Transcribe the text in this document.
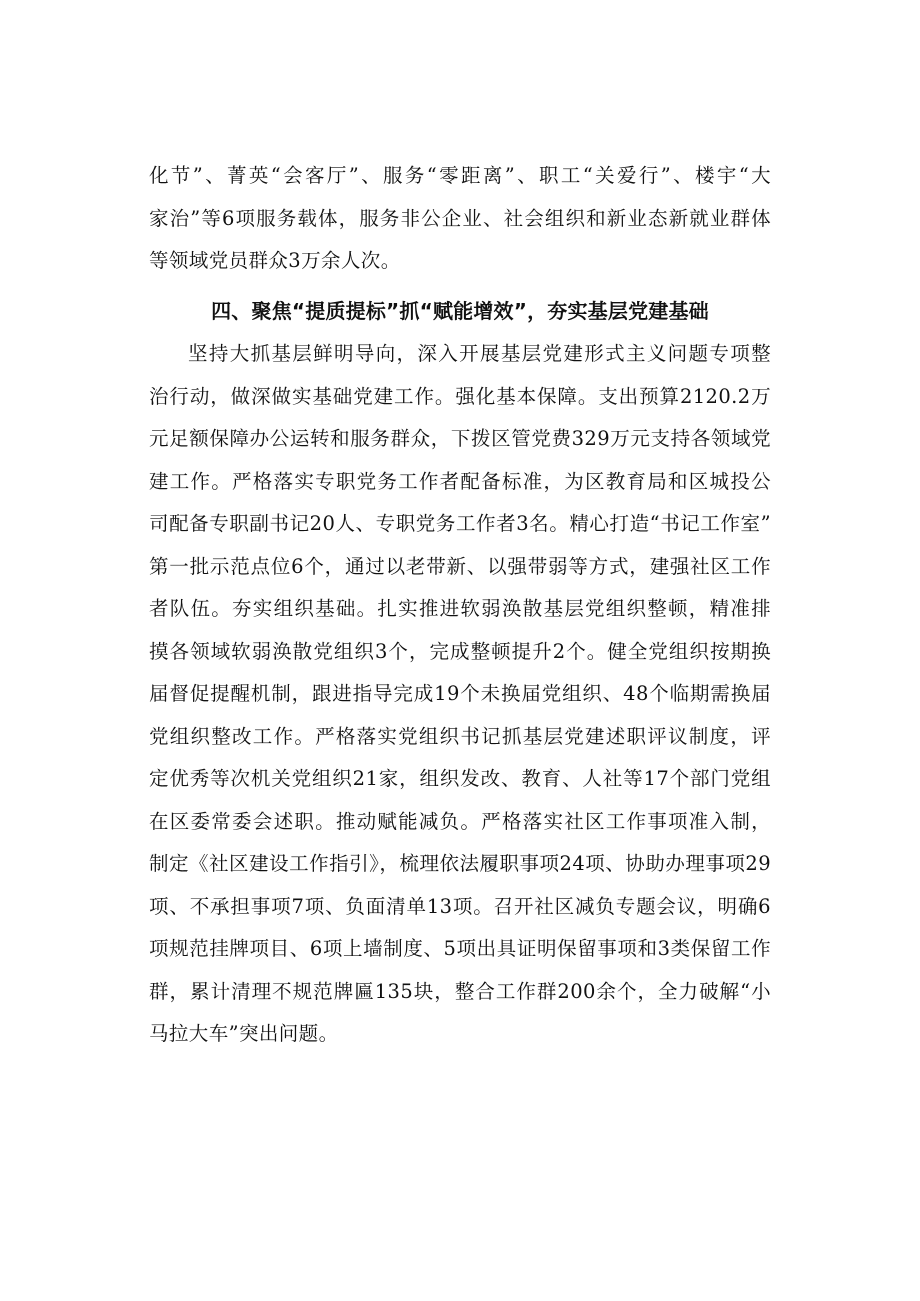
化节”、菁英“会客厅”、服务“零距离”、职工“关爱行”、楼宇“大
家治”等6项服务载体，服务非公企业、社会组织和新业态新就业群体
等领域党员群众3万余人次。
四、聚焦“提质提标”抓“赋能增效”，夯实基层党建基础
坚持大抓基层鲜明导向，深入开展基层党建形式主义问题专项整
治行动，做深做实基础党建工作。强化基本保障。支出预算2120.2万
元足额保障办公运转和服务群众，下拨区管党费329万元支持各领域党
建工作。严格落实专职党务工作者配备标准，为区教育局和区城投公
司配备专职副书记20人、专职党务工作者3名。精心打造“书记工作室”
第一批示范点位6个，通过以老带新、以强带弱等方式，建强社区工作
者队伍。夯实组织基础。扎实推进软弱涣散基层党组织整顿，精准排
摸各领域软弱涣散党组织3个，完成整顿提升2个。健全党组织按期换
届督促提醒机制，跟进指导完成19个未换届党组织、48个临期需换届
党组织整改工作。严格落实党组织书记抓基层党建述职评议制度，评
定优秀等次机关党组织21家，组织发改、教育、人社等17个部门党组
在区委常委会述职。推动赋能减负。严格落实社区工作事项准入制，
制定《社区建设工作指引》，梳理依法履职事项24项、协助办理事项29
项、不承担事项7项、负面清单13项。召开社区减负专题会议，明确6
项规范挂牌项目、6项上墙制度、5项出具证明保留事项和3类保留工作
群，累计清理不规范牌匾135块，整合工作群200余个，全力破解“小
马拉大车”突出问题。
